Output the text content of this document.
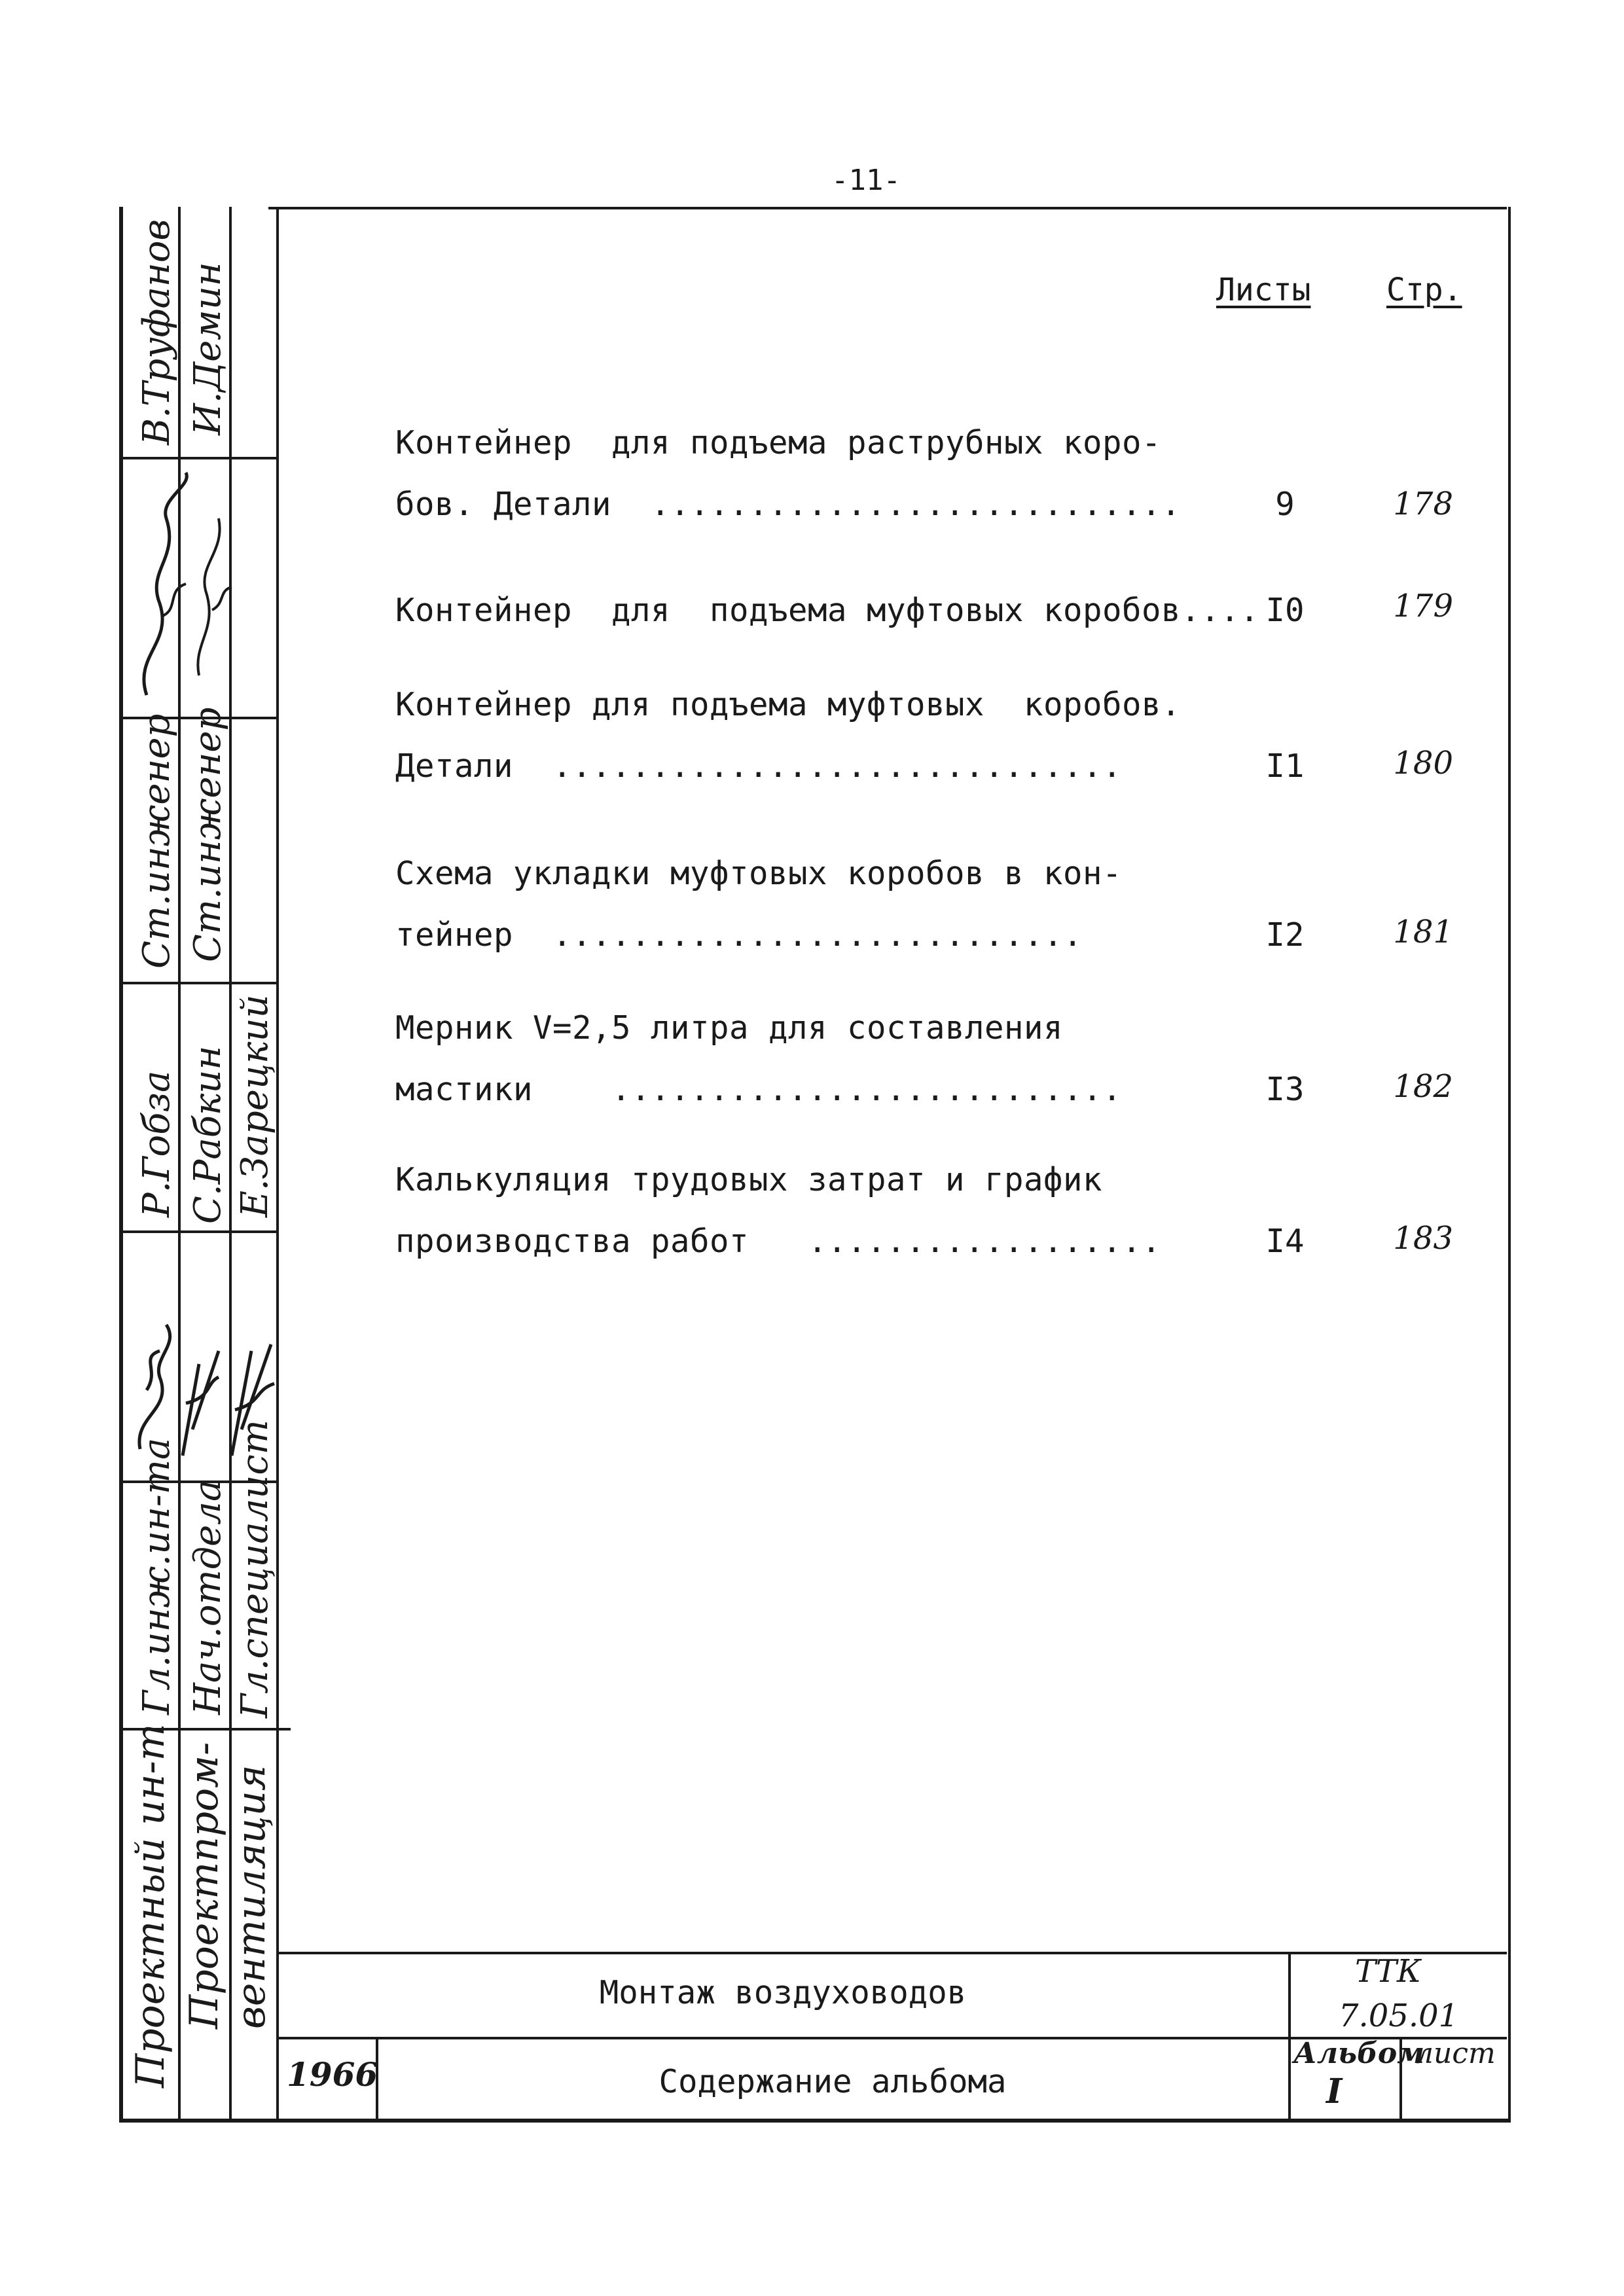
-11-
В.Труфанов И.Демин
Ст.инженер Ст.инженер
Р.Гобза С.Рабкин Е.Зарецкий
Гл.инж.ин-та Нач.отдела Гл.специалист
Проектный ин-т Проектпром- вентиляция
Листы Стр.
Контейнер  для подъема раструбных коро-
бов. Детали  ...........................	9	178
Контейнер  для  подъема муфтовых коробов.... I0	179
Контейнер для подъема муфтовых  коробов.
Детали  .............................	I1	180
Схема укладки муфтовых коробов в кон-
тейнер  ...........................	I2	181
Мерник V=2,5 литра для составления
мастики    ..........................	I3	182
Калькуляция трудовых затрат и график
производства работ   ..................	I4	183
Монтаж воздуховодов
Содержание альбома
1966
ТТК
7.05.01
Альбом
лист
I
